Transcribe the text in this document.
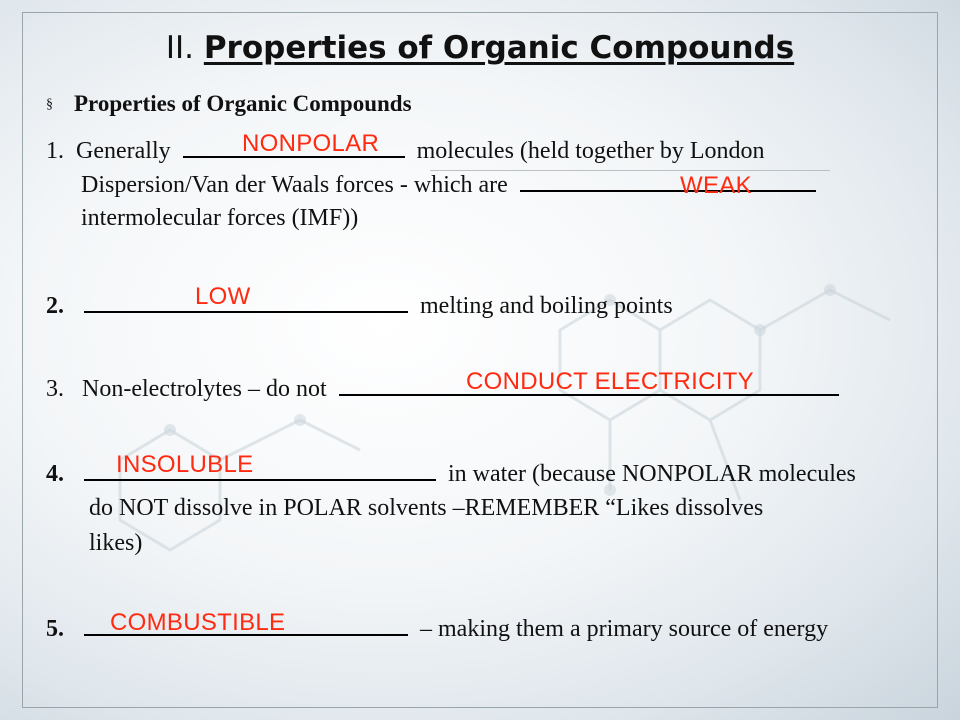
II. Properties of Organic Compounds
§ Properties of Organic Compounds
1. Generally	molecules (held together by London
NONPOLAR
Dispersion/Van der Waals forces - which are	WEAK
intermolecular forces (IMF))
2.	melting and boiling points
LOW
3. Non-electrolytes – do not	CONDUCT ELECTRICITY
4.	in water (because NONPOLAR molecules
INSOLUBLE
do NOT dissolve in POLAR solvents –REMEMBER “Likes dissolves
likes)
5.	– making them a primary source of energy
COMBUSTIBLE
